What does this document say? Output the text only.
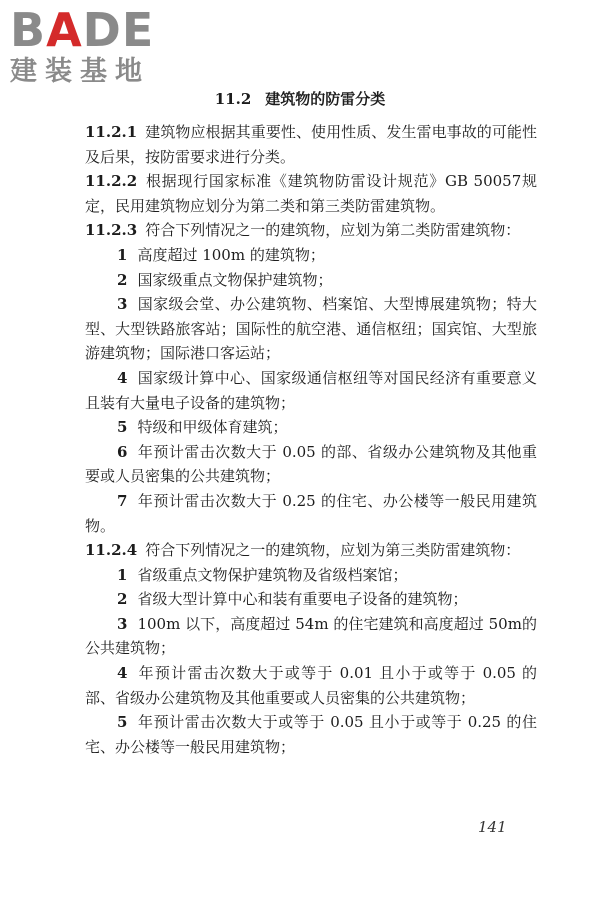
BADE
建装基地
11.2 建筑物的防雷分类
11.2.1 建筑物应根据其重要性、使用性质、发生雷电事故的可能性及后果，按防雷要求进行分类。
11.2.2 根据现行国家标准《建筑物防雷设计规范》GB 50057规定，民用建筑物应划分为第二类和第三类防雷建筑物。
11.2.3 符合下列情况之一的建筑物，应划为第二类防雷建筑物：
1 高度超过 100m 的建筑物；
2 国家级重点文物保护建筑物；
3 国家级会堂、办公建筑物、档案馆、大型博展建筑物；特大型、大型铁路旅客站；国际性的航空港、通信枢纽；国宾馆、大型旅游建筑物；国际港口客运站；
4 国家级计算中心、国家级通信枢纽等对国民经济有重要意义且装有大量电子设备的建筑物；
5 特级和甲级体育建筑；
6 年预计雷击次数大于 0.05 的部、省级办公建筑物及其他重要或人员密集的公共建筑物；
7 年预计雷击次数大于 0.25 的住宅、办公楼等一般民用建筑物。
11.2.4 符合下列情况之一的建筑物，应划为第三类防雷建筑物：
1 省级重点文物保护建筑物及省级档案馆；
2 省级大型计算中心和装有重要电子设备的建筑物；
3 100m 以下，高度超过 54m 的住宅建筑和高度超过 50m的公共建筑物；
4 年预计雷击次数大于或等于 0.01 且小于或等于 0.05 的部、省级办公建筑物及其他重要或人员密集的公共建筑物；
5 年预计雷击次数大于或等于 0.05 且小于或等于 0.25 的住宅、办公楼等一般民用建筑物；
141
